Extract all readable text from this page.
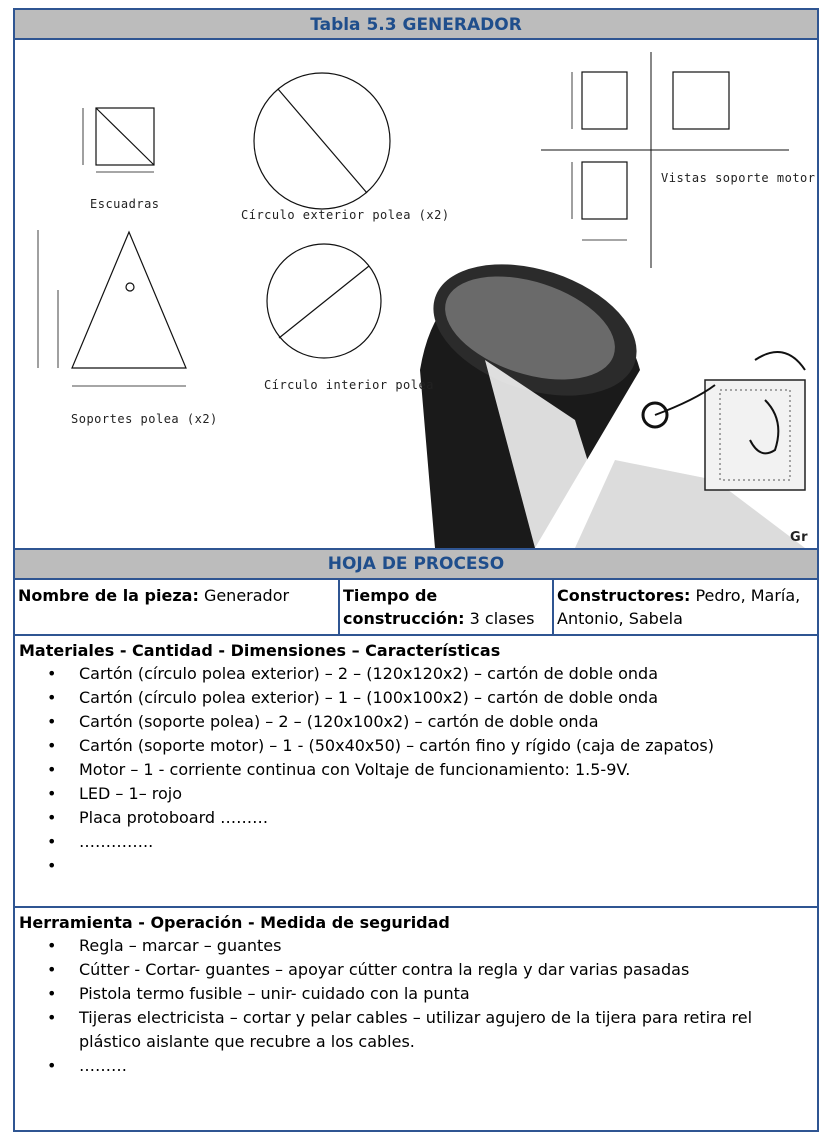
Tabla 5.3 GENERADOR
Escuadras
Círculo exterior polea (x2)
Soportes polea (x2)
Círculo interior polea
Vistas soporte motor
Gr
HOJA DE PROCESO
Nombre de la pieza: Generador	Tiempo de
construcción: 3 clases
Constructores: Pedro, María,
Antonio, Sabela
Materiales - Cantidad - Dimensiones – Características
•	Cartón (círculo polea exterior) – 2 – (120x120x2) – cartón de doble onda
•	Cartón (círculo polea exterior) – 1 – (100x100x2) – cartón de doble onda
•	Cartón (soporte polea) – 2 – (120x100x2) – cartón de doble onda
•	Cartón (soporte motor) – 1 - (50x40x50) – cartón fino y rígido (caja de zapatos)
•	Motor – 1 - corriente continua con Voltaje de funcionamiento: 1.5-9V.
•	LED – 1– rojo
•	Placa protoboard ………
•	…………..
•
Herramienta - Operación - Medida de seguridad
•	Regla – marcar – guantes
•	Cútter - Cortar- guantes – apoyar cútter contra la regla y dar varias pasadas
•	Pistola termo fusible – unir- cuidado con la punta
•	Tijeras electricista – cortar y pelar cables – utilizar agujero de la tijera para retira rel plástico aislante que recubre a los cables.
•	………
